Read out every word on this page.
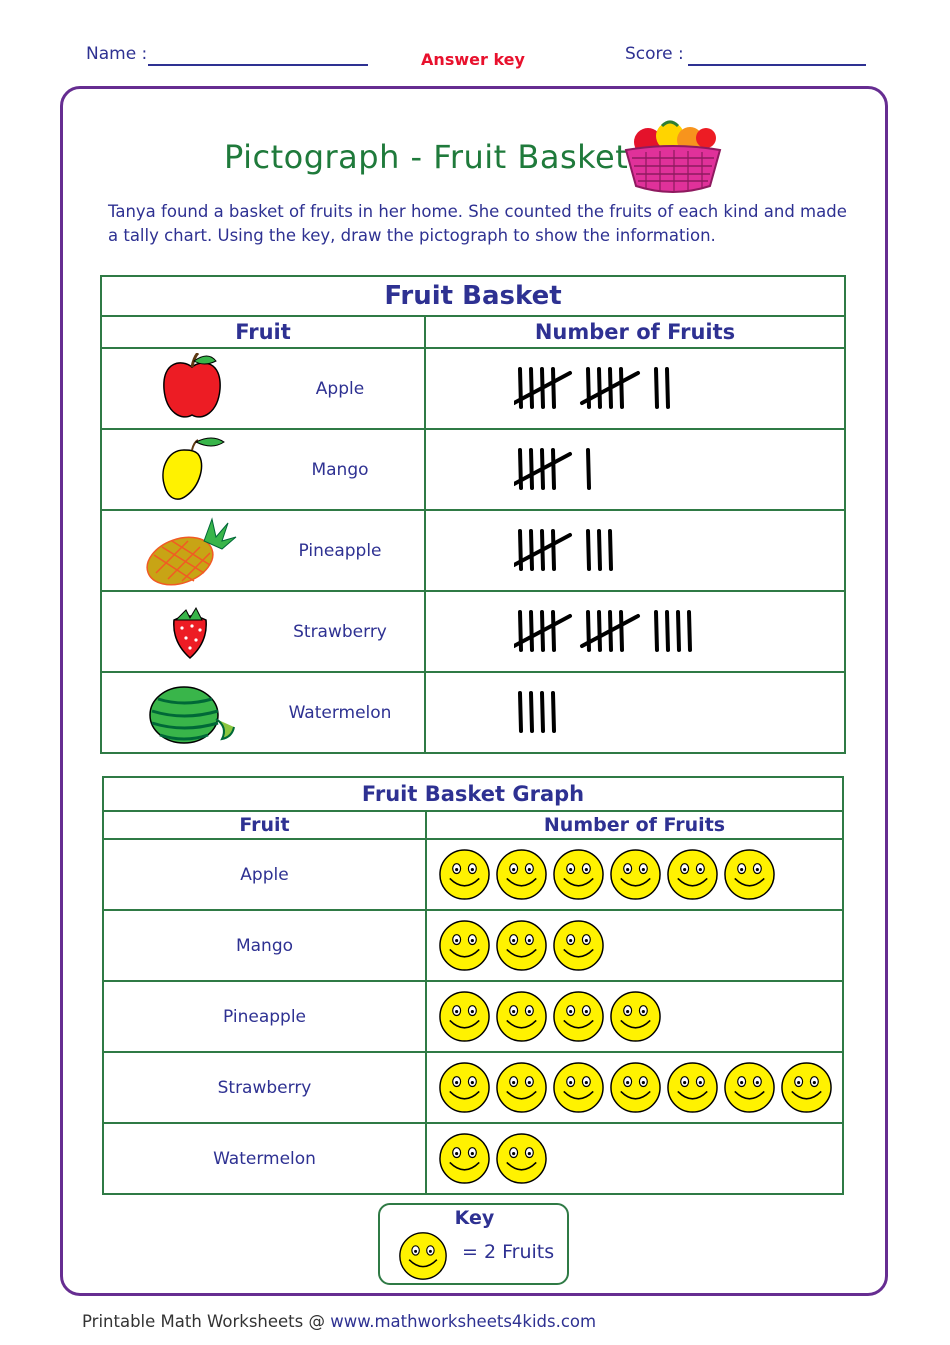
Name :	Answer key	Score :
Pictograph - Fruit Basket
Tanya found a basket of fruits in her home. She counted the fruits of each kind and made a tally chart. Using the key, draw the pictograph to show the information.
Fruit Basket	
Fruit	Number of Fruits

Apple

Mango

Pineapple

Strawberry

Watermelon

Fruit Basket Graph	
Fruit	Number of Fruits
Apple	

Mango	

Pineapple	

Strawberry	

Watermelon	
Key
= 2 Fruits
Printable Math Worksheets @ www.mathworksheets4kids.com
